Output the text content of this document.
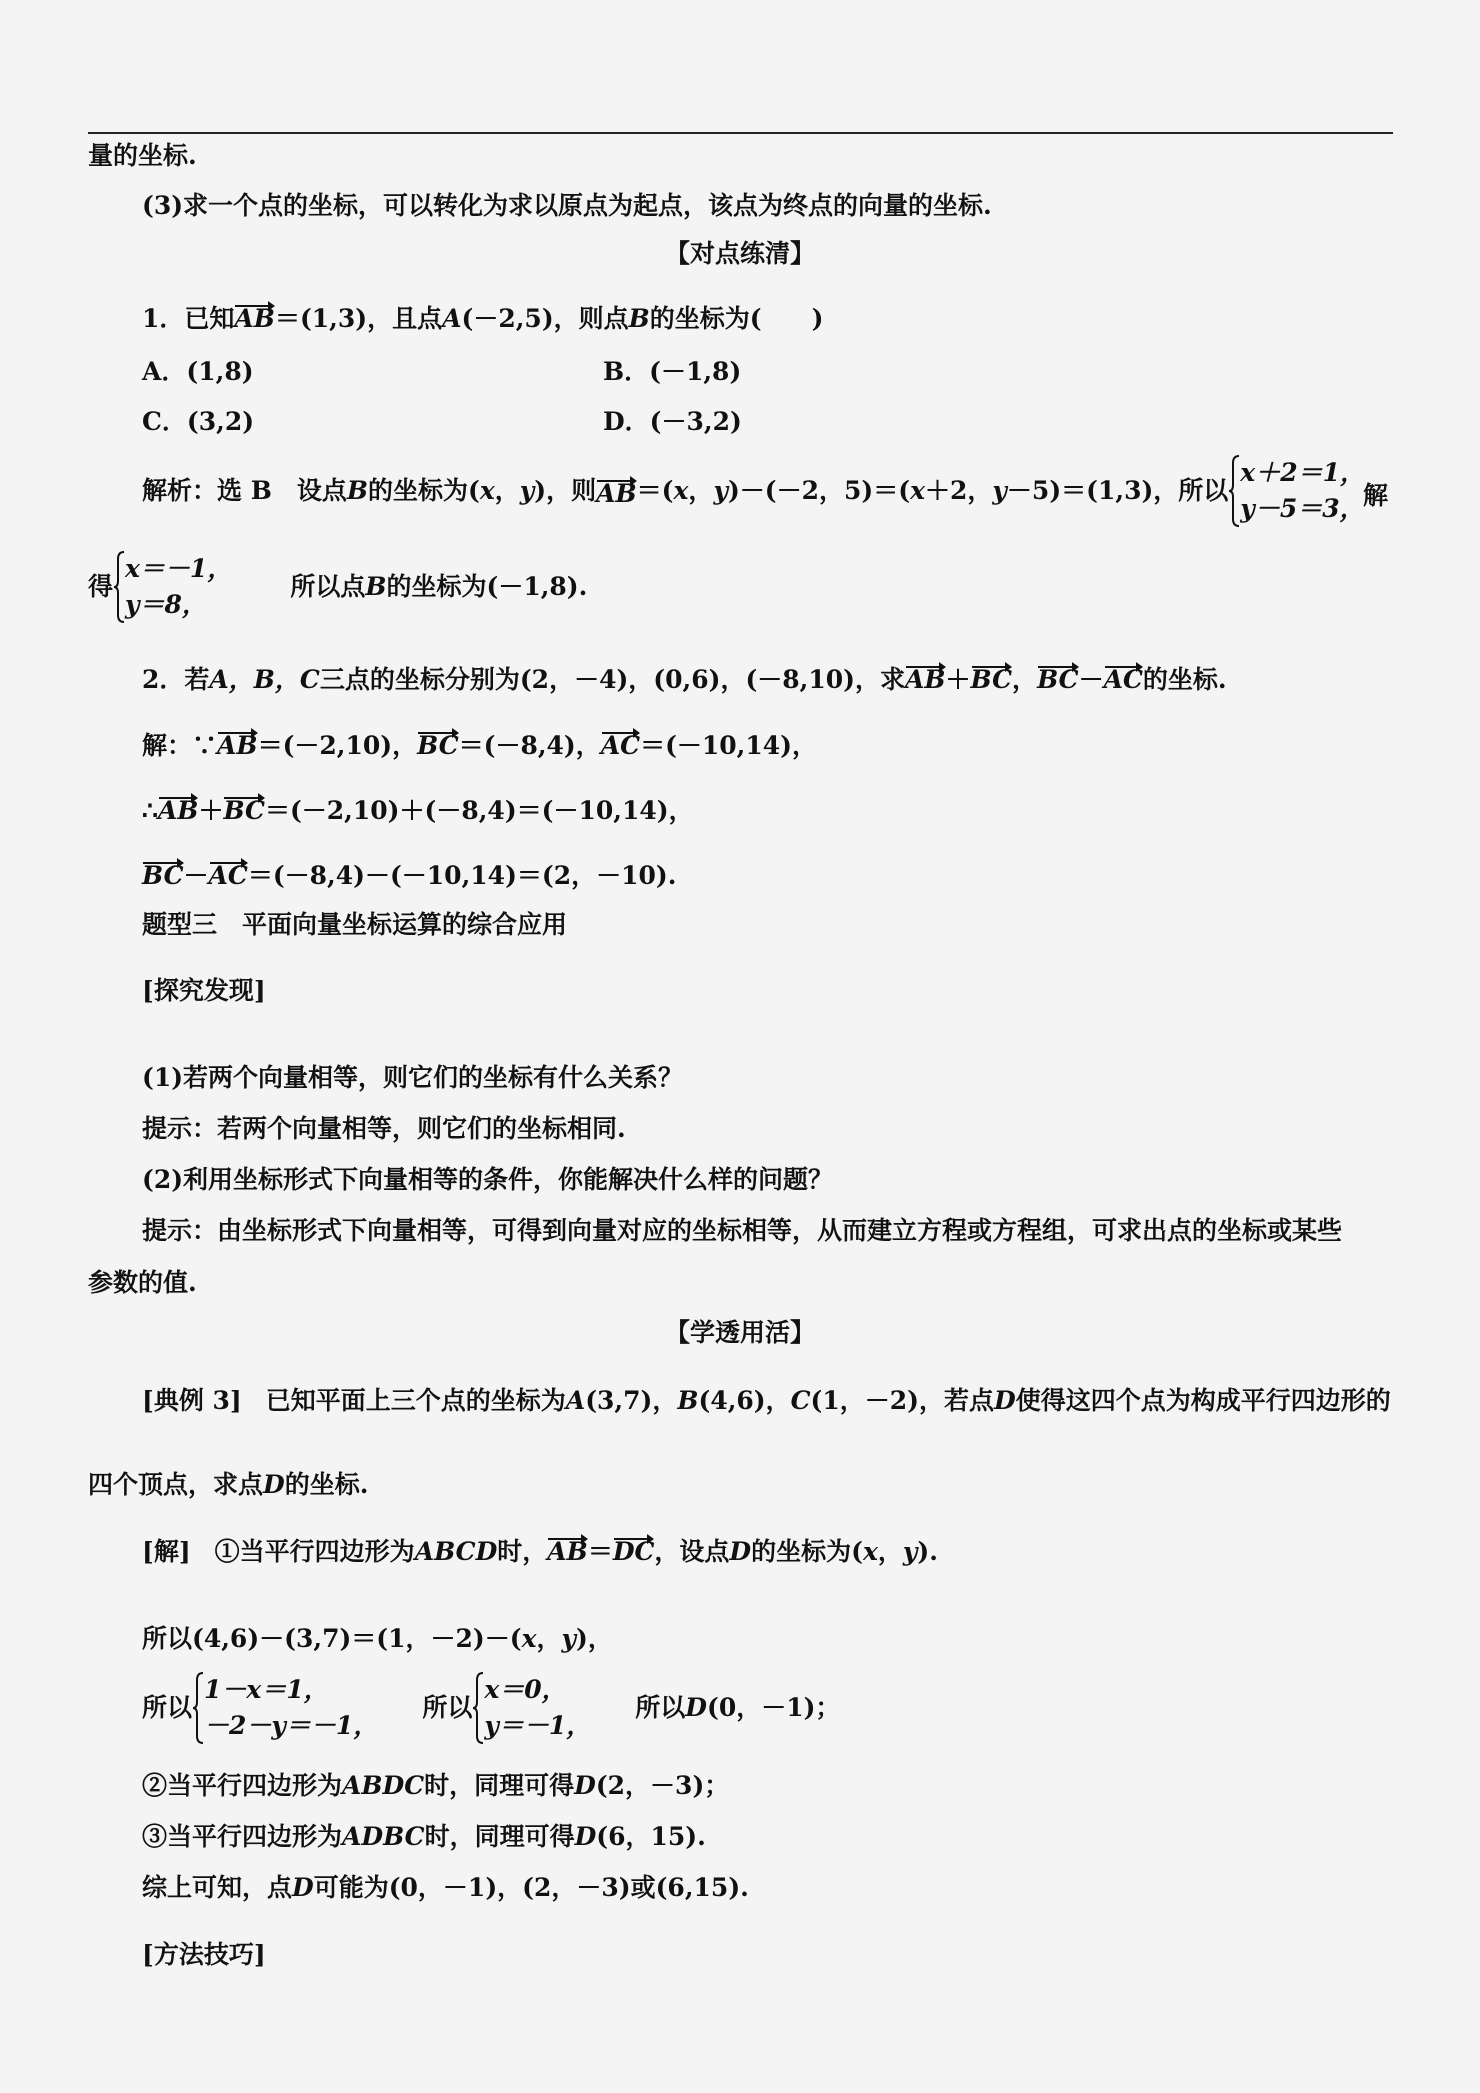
量的坐标.
(3)求一个点的坐标，可以转化为求以原点为起点，该点为终点的向量的坐标.
【对点练清】
1．已知AB＝(1,3)，且点A(－2,5)，则点B的坐标为(　　)
A．(1,8)	B．(－1,8)
C．(3,2)	D．(－3,2)
解析： 选 B　设点 B 的坐标为( x ， y )，则 AB ＝( x ， y )－(－2，5)＝( x ＋2， y －5)＝(1,3)，所以
x＋2＝1，
y－5＝3，
解
得
x＝－1，
y＝8，
所以点 B 的坐标为(－1,8).
2．若A，B，C三点的坐标分别为(2，－4)，(0,6)，(－8,10)，求AB＋BC，BC－AC的坐标.
解：∵AB＝(－2,10)，BC＝(－8,4)，AC＝(－10,14)，
∴AB＋BC＝(－2,10)＋(－8,4)＝(－10,14)，
BC－AC＝(－8,4)－(－10,14)＝(2，－10).
题型三　平面向量坐标运算的综合应用
[探究发现]
(1)若两个向量相等，则它们的坐标有什么关系？
提示：若两个向量相等，则它们的坐标相同.
(2)利用坐标形式下向量相等的条件，你能解决什么样的问题？
提示：由坐标形式下向量相等，可得到向量对应的坐标相等，从而建立方程或方程组，可求出点的坐标或某些
参数的值.
【学透用活】
[典例 3] 已知平面上三个点的坐标为A(3,7)，B(4,6)，C(1，－2)，若点D使得这四个点为构成平行四边形的
四个顶点，求点D的坐标.
[解] ①当平行四边形为ABCD时，AB＝DC，设点D的坐标为(x，y).
所以(4,6)－(3,7)＝(1，－2)－(x，y)，
所以
1－x＝1，
－2－y＝－1，
所以
x＝0，
y＝－1，
所以 D (0，－1)；
②当平行四边形为ABDC时，同理可得D(2，－3)；
③当平行四边形为ADBC时，同理可得D(6，15).
综上可知，点D可能为(0，－1)，(2，－3)或(6,15).
[方法技巧]
